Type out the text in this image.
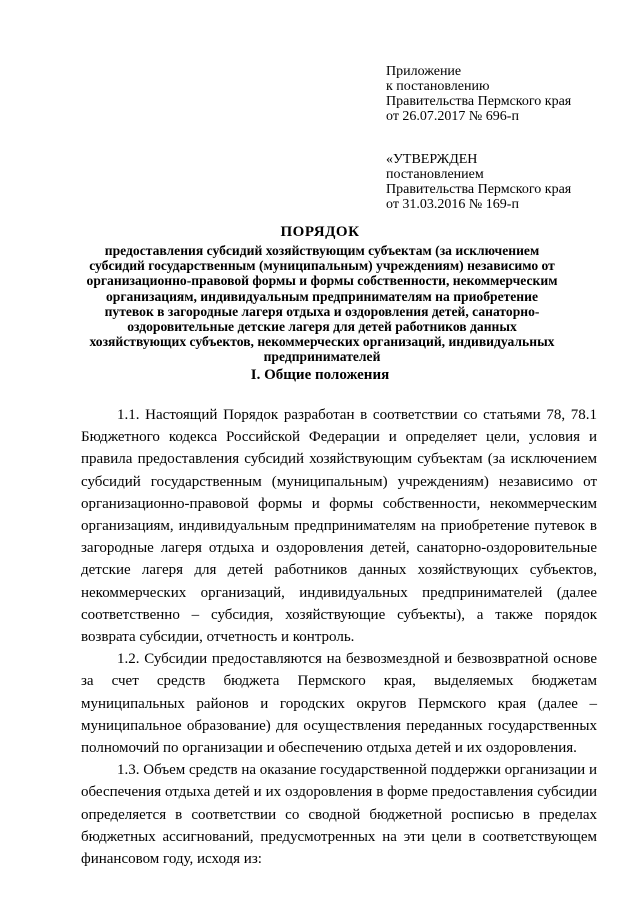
Приложение
к постановлению
Правительства Пермского края
от 26.07.2017 № 696-п
«УТВЕРЖДЕН
постановлением
Правительства Пермского края
от 31.03.2016 № 169-п
ПОРЯДОК
предоставления субсидий хозяйствующим субъектам (за исключением субсидий государственным (муниципальным) учреждениям) независимо от организационно-правовой формы и формы собственности, некоммерческим организациям, индивидуальным предпринимателям на приобретение путевок в загородные лагеря отдыха и оздоровления детей, санаторно-оздоровительные детские лагеря для детей работников данных хозяйствующих субъектов, некоммерческих организаций, индивидуальных предпринимателей
I. Общие положения

1.1. Настоящий Порядок разработан в соответствии со статьями 78, 78.1 Бюджетного кодекса Российской Федерации и определяет цели, условия и правила предоставления субсидий хозяйствующим субъектам (за исключением субсидий государственным (муниципальным) учреждениям) независимо от организационно-правовой формы и формы собственности, некоммерческим организациям, индивидуальным предпринимателям на приобретение путевок в загородные лагеря отдыха и оздоровления детей, санаторно-оздоровительные детские лагеря для детей работников данных хозяйствующих субъектов, некоммерческих организаций, индивидуальных предпринимателей (далее соответственно – субсидия, хозяйствующие субъекты), а также порядок возврата субсидии, отчетность и контроль.

1.2. Субсидии предоставляются на безвозмездной и безвозвратной основе за счет средств бюджета Пермского края, выделяемых бюджетам муниципальных районов и городских округов Пермского края (далее – муниципальное образование) для осуществления переданных государственных полномочий по организации и обеспечению отдыха детей и их оздоровления.

1.3. Объем средств на оказание государственной поддержки организации и обеспечения отдыха детей и их оздоровления в форме предоставления субсидии определяется в соответствии со сводной бюджетной росписью в пределах бюджетных ассигнований, предусмотренных на эти цели в соответствующем финансовом году, исходя из:
